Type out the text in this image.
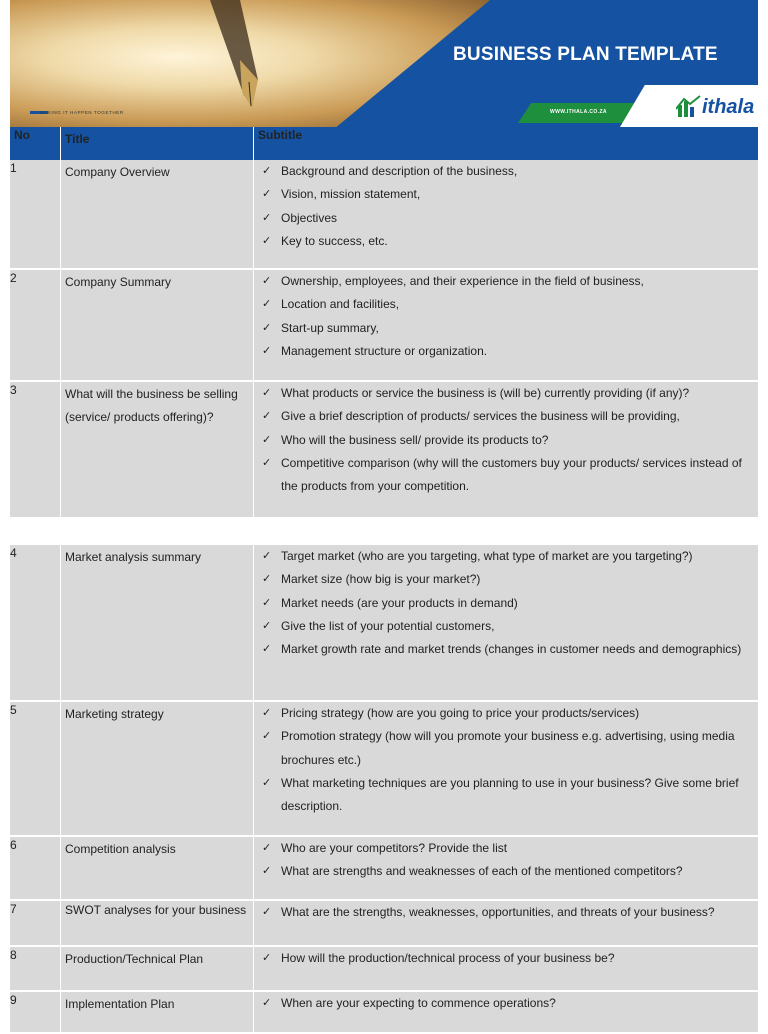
MAKING IT HAPPEN TOGETHER
BUSINESS PLAN TEMPLATE
WWW.ITHALA.CO.ZA	ithala
No	Title	Subtitle
1	Company Overview	✓ Background and description of the business,
✓ Vision, mission statement,
✓ Objectives
✓ Key to success, etc.
2	Company Summary	✓ Ownership, employees, and their experience in the field of business,
✓ Location and facilities,
✓ Start-up summary,
✓ Management structure or organization.
3	What will the business be selling (service/ products offering)?
✓ What products or service the business is (will be) currently providing (if any)?
✓ Give a brief description of products/ services the business will be providing,
✓ Who will the business sell/ provide its products to?
✓ Competitive comparison (why will the customers buy your products/ services instead of the products from your competition.
4	Market analysis summary	✓ Target market (who are you targeting, what type of market are you targeting?)
✓ Market size (how big is your market?)
✓ Market needs (are your products in demand)
✓ Give the list of your potential customers,
✓ Market growth rate and market trends (changes in customer needs and demographics)
5	Marketing strategy	✓ Pricing strategy (how are you going to price your products/services)
✓ Promotion strategy (how will you promote your business e.g. advertising, using media brochures etc.)
✓ What marketing techniques are you planning to use in your business? Give some brief description.
6	Competition analysis	✓ Who are your competitors? Provide the list
✓ What are strengths and weaknesses of each of the mentioned competitors?
7	SWOT analyses for your business	✓ What are the strengths, weaknesses, opportunities, and threats of your business?
8	Production/Technical Plan	✓ How will the production/technical process of your business be?
9	Implementation Plan	✓ When are your expecting to commence operations?
